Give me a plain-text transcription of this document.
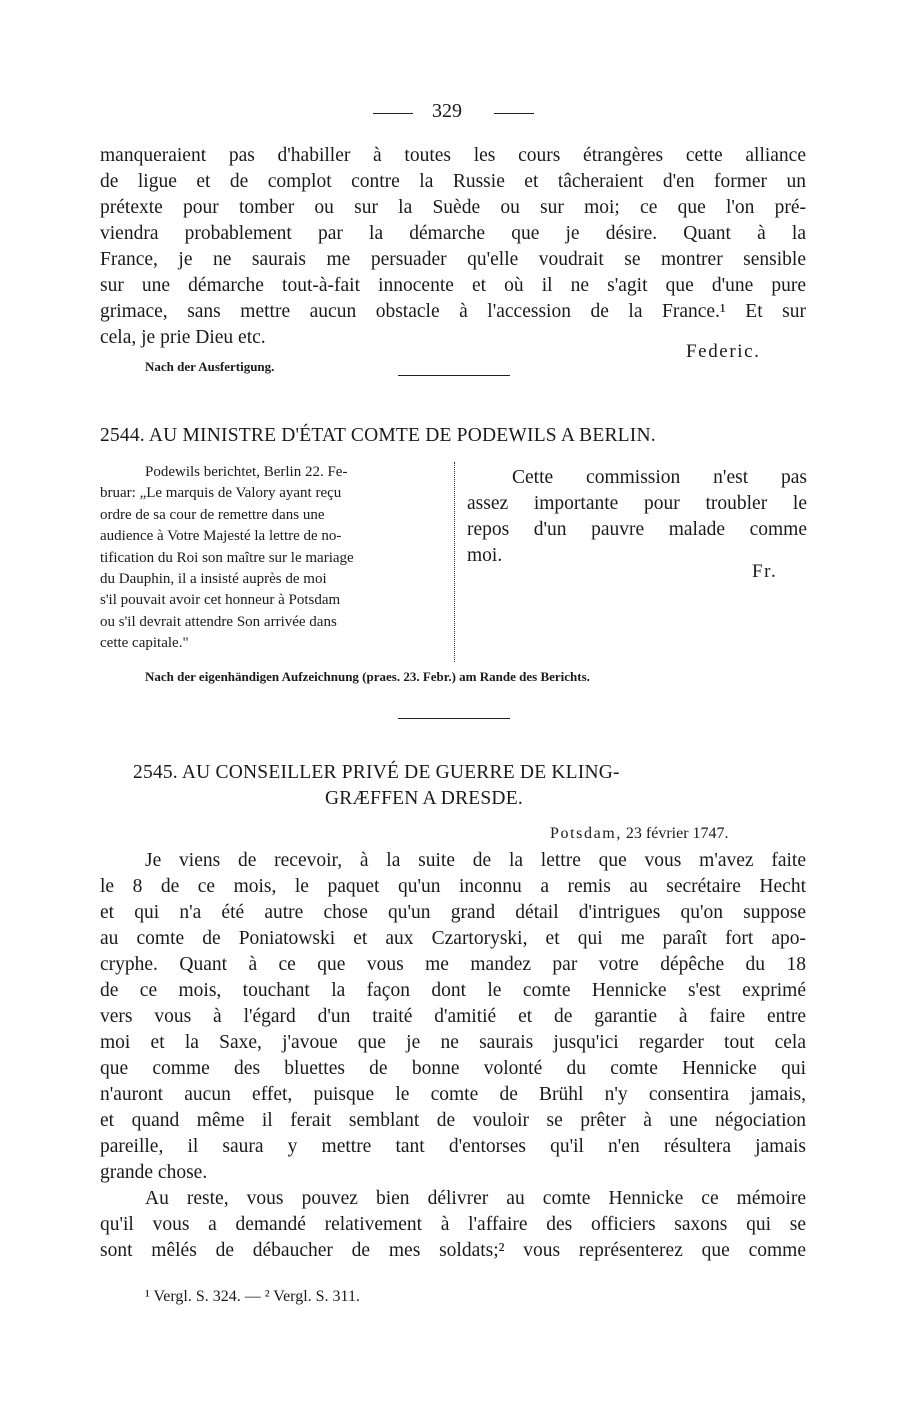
329
manqueraient pas d'habiller à toutes les cours étrangères cette alliance
de ligue et de complot contre la Russie et tâcheraient d'en former un
prétexte pour tomber ou sur la Suède ou sur moi; ce que l'on pré-
viendra probablement par la démarche que je désire. Quant à la
France, je ne saurais me persuader qu'elle voudrait se montrer sensible
sur une démarche tout-à-fait innocente et où il ne s'agit que d'une pure
grimace, sans mettre aucun obstacle à l'accession de la France.¹ Et sur
cela, je prie Dieu etc.
Federic.
Nach der Ausfertigung.
2544. AU MINISTRE D'ÉTAT COMTE DE PODEWILS A BERLIN.
Podewils berichtet, Berlin 22. Fe-
bruar: „Le marquis de Valory ayant reçu
ordre de sa cour de remettre dans une
audience à Votre Majesté la lettre de no-
tification du Roi son maître sur le mariage
du Dauphin, il a insisté auprès de moi
s'il pouvait avoir cet honneur à Potsdam
ou s'il devrait attendre Son arrivée dans
cette capitale."
Cette commission n'est pas
assez importante pour troubler le
repos d'un pauvre malade comme
moi.
Fr.
Nach der eigenhändigen Aufzeichnung (praes. 23. Febr.) am Rande des Berichts.
2545. AU CONSEILLER PRIVÉ DE GUERRE DE KLING-
GRÆFFEN A DRESDE.
Potsdam, 23 février 1747.
Je viens de recevoir, à la suite de la lettre que vous m'avez faite
le 8 de ce mois, le paquet qu'un inconnu a remis au secrétaire Hecht
et qui n'a été autre chose qu'un grand détail d'intrigues qu'on suppose
au comte de Poniatowski et aux Czartoryski, et qui me paraît fort apo-
cryphe. Quant à ce que vous me mandez par votre dépêche du 18
de ce mois, touchant la façon dont le comte Hennicke s'est exprimé
vers vous à l'égard d'un traité d'amitié et de garantie à faire entre
moi et la Saxe, j'avoue que je ne saurais jusqu'ici regarder tout cela
que comme des bluettes de bonne volonté du comte Hennicke qui
n'auront aucun effet, puisque le comte de Brühl n'y consentira jamais,
et quand même il ferait semblant de vouloir se prêter à une négociation
pareille, il saura y mettre tant d'entorses qu'il n'en résultera jamais
grande chose.
Au reste, vous pouvez bien délivrer au comte Hennicke ce mémoire
qu'il vous a demandé relativement à l'affaire des officiers saxons qui se
sont mêlés de débaucher de mes soldats;² vous représenterez que comme
¹ Vergl. S. 324. — ² Vergl. S. 311.
